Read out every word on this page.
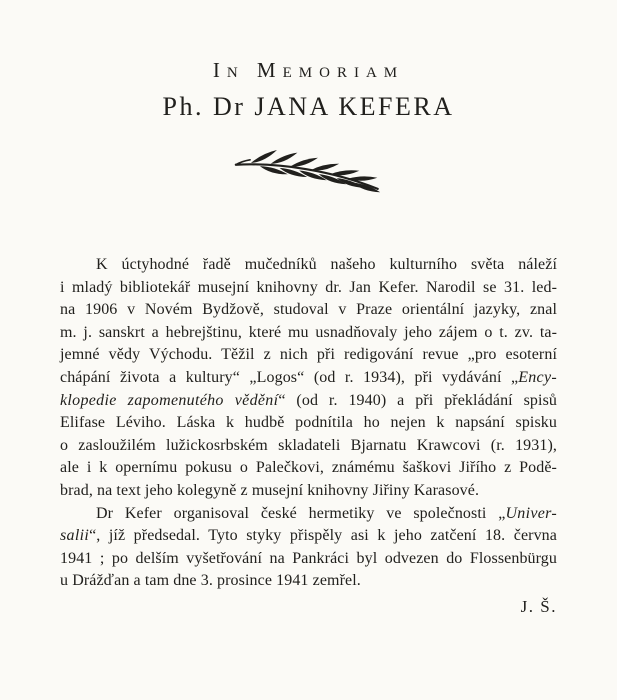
In Memoriam
Ph. Dr JANA KEFERA
K úctyhodné řadě mučedníků našeho kulturního světa náleží
i mladý bibliotekář musejní knihovny dr. Jan Kefer. Narodil se 31. led-
na 1906 v Novém Bydžově, studoval v Praze orientální jazyky, znal
m. j. sanskrt a hebrejštinu, které mu usnadňovaly jeho zájem o t. zv. ta-
jemné vědy Východu. Těžil z nich při redigování revue „pro esoterní
chápání života a kultury“ „Logos“ (od r. 1934), při vydávání „Ency-
klopedie zapomenutého vědění“ (od r. 1940) a při překládání spisů
Elifase Léviho. Láska k hudbě podnítila ho nejen k napsání spisku
o zasloužilém lužickosrbském skladateli Bjarnatu Krawcovi (r. 1931),
ale i k opernímu pokusu o Palečkovi, známému šaškovi Jiřího z Podě-
brad, na text jeho kolegyně z musejní knihovny Jiřiny Karasové.
Dr Kefer organisoval české hermetiky ve společnosti „Univer-
salii“, jíž předsedal. Tyto styky přispěly asi k jeho zatčení 18. června
1941 ; po delším vyšetřování na Pankráci byl odvezen do Flossenbürgu
u Drážďan a tam dne 3. prosince 1941 zemřel.
J. Š.
